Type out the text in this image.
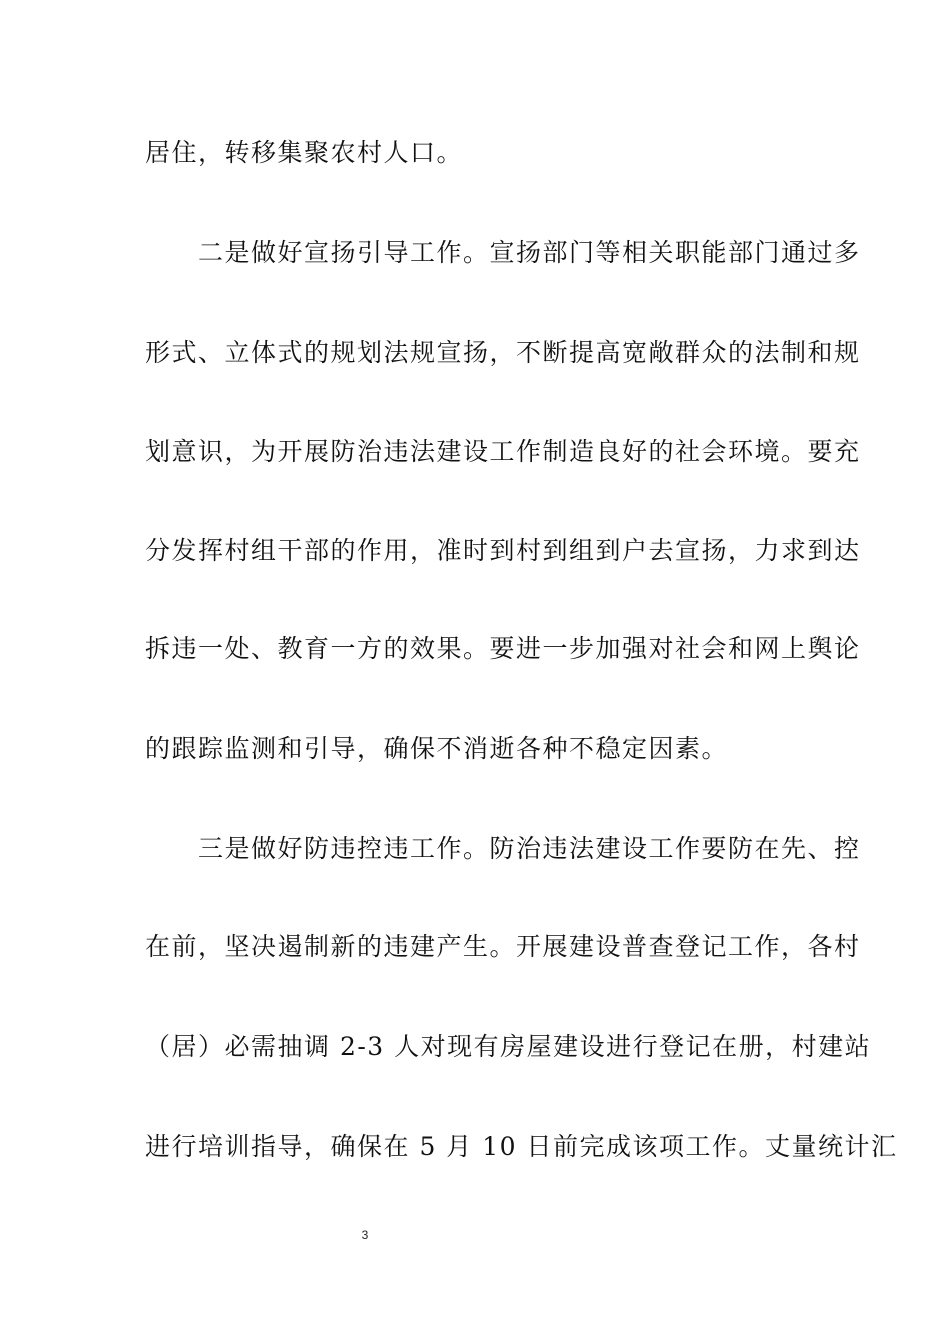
居住，转移集聚农村人口。
　　二是做好宣扬引导工作。宣扬部门等相关职能部门通过多
形式、立体式的规划法规宣扬，不断提高宽敞群众的法制和规
划意识，为开展防治违法建设工作制造良好的社会环境。要充
分发挥村组干部的作用，准时到村到组到户去宣扬，力求到达
拆违一处、教育一方的效果。要进一步加强对社会和网上舆论
的跟踪监测和引导，确保不消逝各种不稳定因素。
　　三是做好防违控违工作。防治违法建设工作要防在先、控
在前，坚决遏制新的违建产生。开展建设普查登记工作，各村
（居）必需抽调 2-3 人对现有房屋建设进行登记在册，村建站
进行培训指导，确保在 5 月 10 日前完成该项工作。丈量统计汇
3
